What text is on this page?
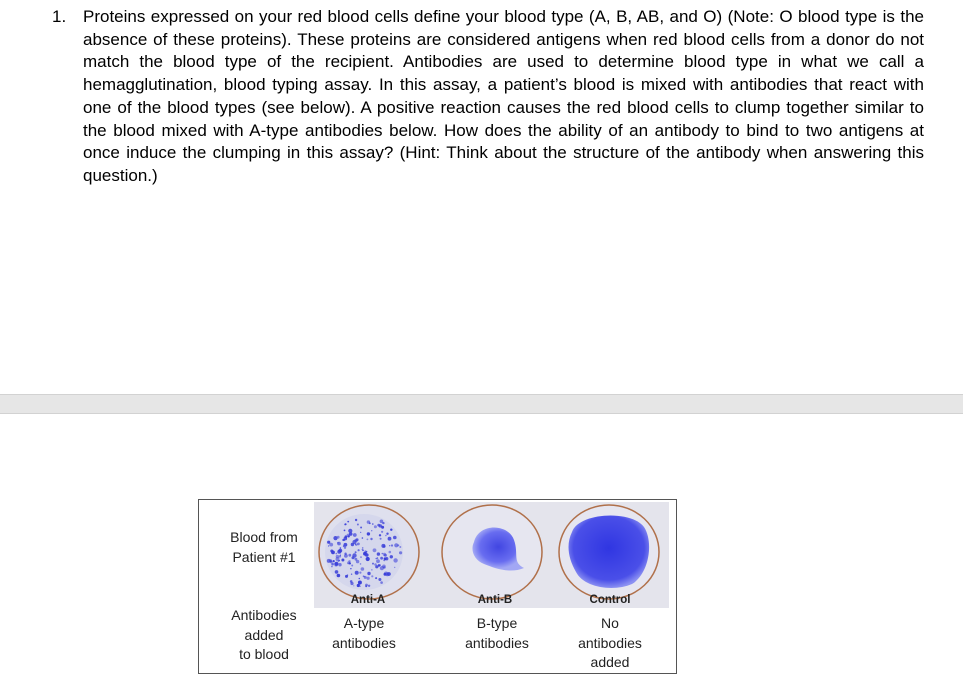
1. Proteins expressed on your red blood cells define your blood type (A, B, AB, and O) (Note: O blood type is the absence of these proteins). These proteins are considered antigens when red blood cells from a donor do not match the blood type of the recipient. Antibodies are used to determine blood type in what we call a hemagglutination, blood typing assay. In this assay, a patient’s blood is mixed with antibodies that react with one of the blood types (see below). A positive reaction causes the red blood cells to clump together similar to the blood mixed with A-type antibodies below. How does the ability of an antibody to bind to two antigens at once induce the clumping in this assay? (Hint: Think about the structure of the antibody when answering this question.)
Blood from
Patient #1
Antibodies
added
to blood
Anti-A	Anti-B	Control
A-type
antibodies
B-type
antibodies
No
antibodies
added
